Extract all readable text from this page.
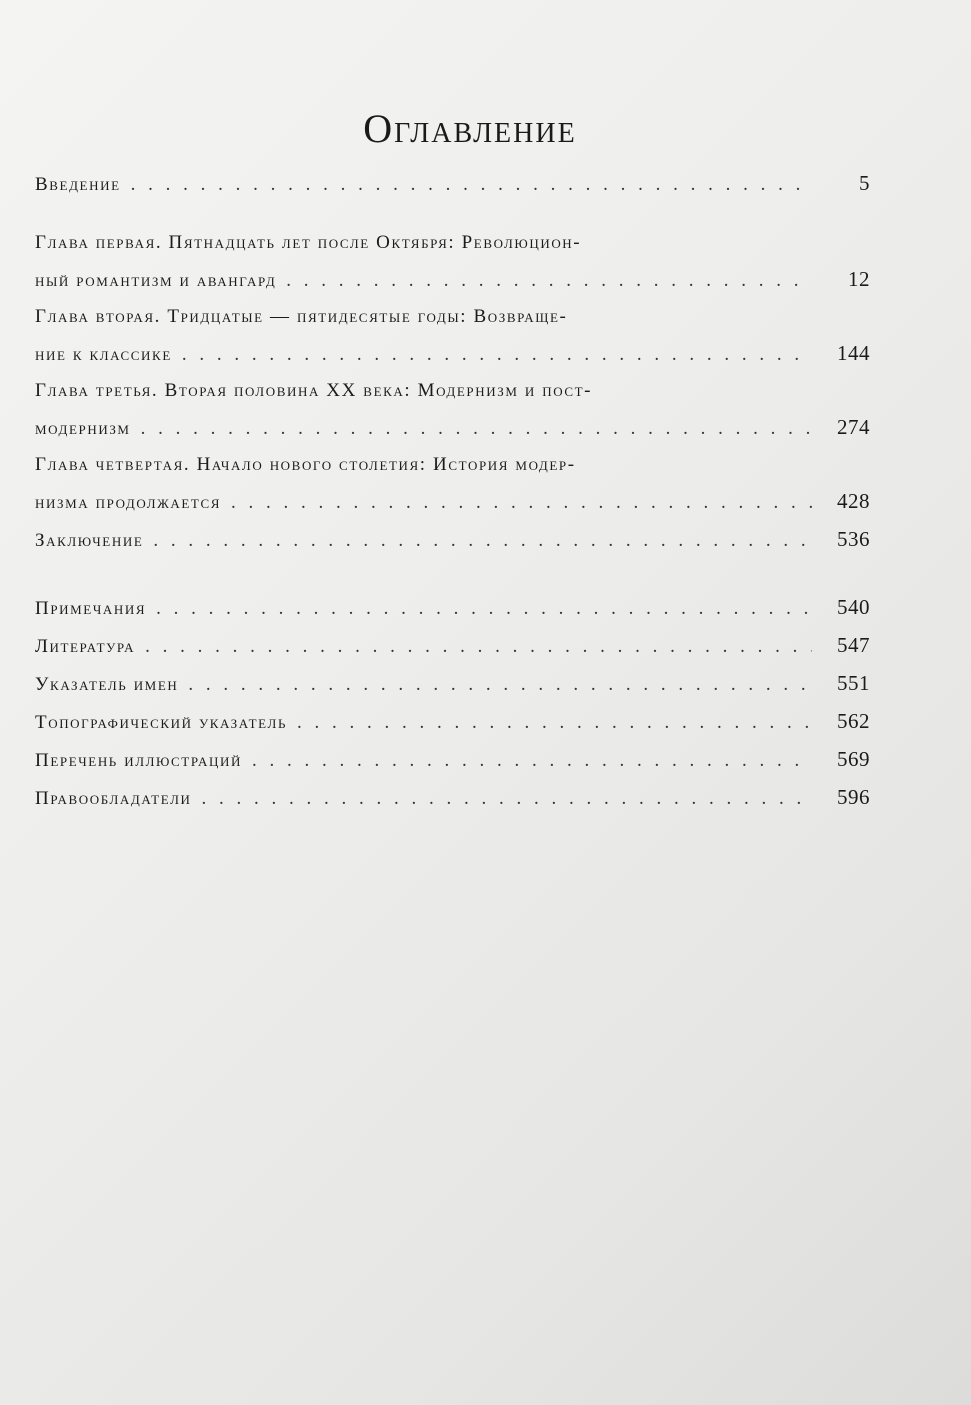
Оглавление
Введение . . .	5
Глава первая. Пятнадцать лет после Октября: Революцион-
ный романтизм и авангард . . .	12
Глава вторая. Тридцатые — пятидесятые годы: Возвраще-
ние к классике . . .	144
Глава третья. Вторая половина XX века: Модернизм и пост-
модернизм . . .	274
Глава четвертая. Начало нового столетия: История модер-
низма продолжается . . .	428
Заключение . . .	536
Примечания . . .	540
Литература . . .	547
Указатель имен . . .	551
Топографический указатель . . .	562
Перечень иллюстраций . . .	569
Правообладатели . . .	596
